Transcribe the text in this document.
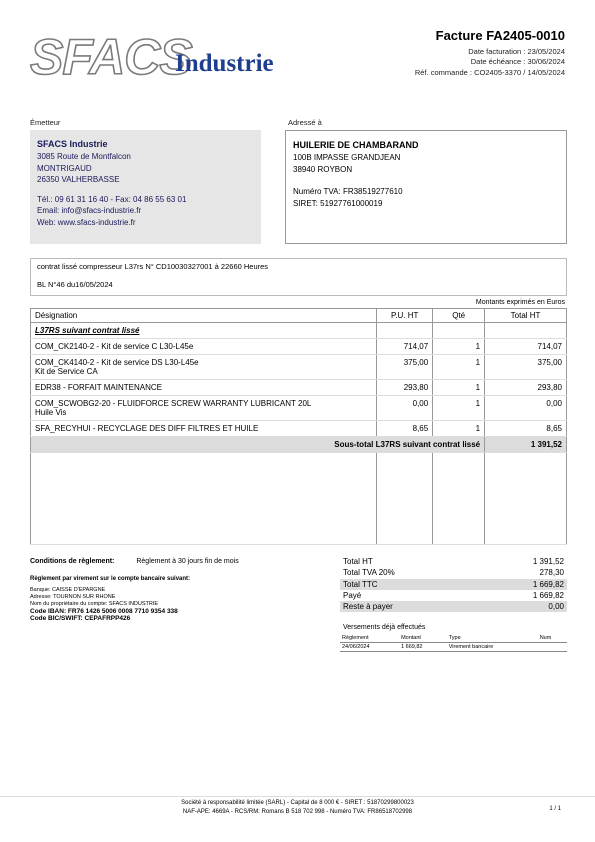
SFACS
Industrie
Facture FA2405-0010
Date facturation : 23/05/2024
Date échéance : 30/06/2024
Réf. commande : CO2405-3370 / 14/05/2024
Émetteur	Adressé à
SFACS Industrie
3085 Route de Montfalcon
MONTRIGAUD
26350 VALHERBASSE
Tél.: 09 61 31 16 40 - Fax: 04 86 55 63 01
Email: info@sfacs-industrie.fr
Web: www.sfacs-industrie.fr
HUILERIE DE CHAMBARAND
100B IMPASSE GRANDJEAN
38940 ROYBON
Numéro TVA: FR38519277610
SIRET: 51927761000019
contrat lissé compresseur L37rs N° CD10030327001 à 22660 Heures
BL N°46 du16/05/2024
Montants exprimés en Euros
Désignation	P.U. HT	Qté	Total HT
L37RS suivant contrat lissé			
COM_CK2140-2 - Kit de service C L30-L45e	714,07	1	714,07

COM_CK4140-2 - Kit de service DS L30-L45e
Kit de Service CA	375,00	1	375,00
EDR38 - FORFAIT MAINTENANCE	293,80	1	293,80

COM_SCWOBG2-20 - FLUIDFORCE SCREW WARRANTY LUBRICANT 20L
Huile Vis	0,00	1	0,00
SFA_RECYHUI - RECYCLAGE DES DIFF FILTRES ET HUILE	8,65	1	8,65
Sous-total L37RS suivant contrat lissé			1 391,52

Conditions de règlement:	Règlement à 30 jours fin de mois
Règlement par virement sur le compte bancaire suivant:
Banque: CAISSE D'EPARGNE
Adresse: TOURNON SUR RHONE
Nom du propriétaire du compte: SFACS INDUSTRIE
Code IBAN: FR76 1426 5006 0008 7710 9354 338
Code BIC/SWIFT: CEPAFRPP426
Total HT	1 391,52
Total TVA 20%	278,30
Total TTC	1 669,82
Payé	1 669,82
Reste à payer	0,00
Versements déjà effectués
Règlement	Montant	Type	Num
24/06/2024	1 669,82	Virement bancaire	
Société à responsabilité limitée (SARL) - Capital de 8 000 € - SIRET : 51870299800023
NAF-APE: 4669A - RCS/RM: Romans B 518 702 998 - Numéro TVA: FR86518702998	1 / 1
